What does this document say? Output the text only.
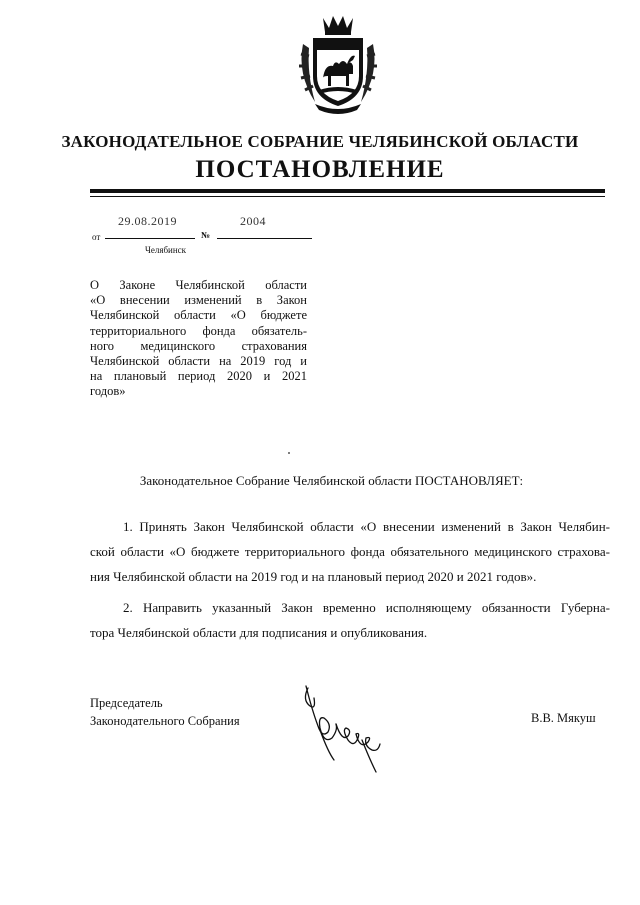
ЗАКОНОДАТЕЛЬНОЕ СОБРАНИЕ ЧЕЛЯБИНСКОЙ ОБЛАСТИ
ПОСТАНОВЛЕНИЕ
29.08.2019	2004
от	№
Челябинск
О Законе Челябинской области
«О внесении изменений в Закон
Челябинской области «О бюджете
территориального фонда обязатель-
ного медицинского страхования
Челябинской области на 2019 год и
на плановый период 2020 и 2021
годов»
Законодательное Собрание Челябинской области ПОСТАНОВЛЯЕТ:
1. Принять Закон Челябинской области «О внесении изменений в Закон Челябин-
ской области «О бюджете территориального фонда обязательного медицинского страхова-
ния Челябинской области на 2019 год и на плановый период 2020 и 2021 годов».
2. Направить указанный Закон временно исполняющему обязанности Губерна-
тора Челябинской области для подписания и опубликования.
Председатель
Законодательного Собрания	В.В. Мякуш
